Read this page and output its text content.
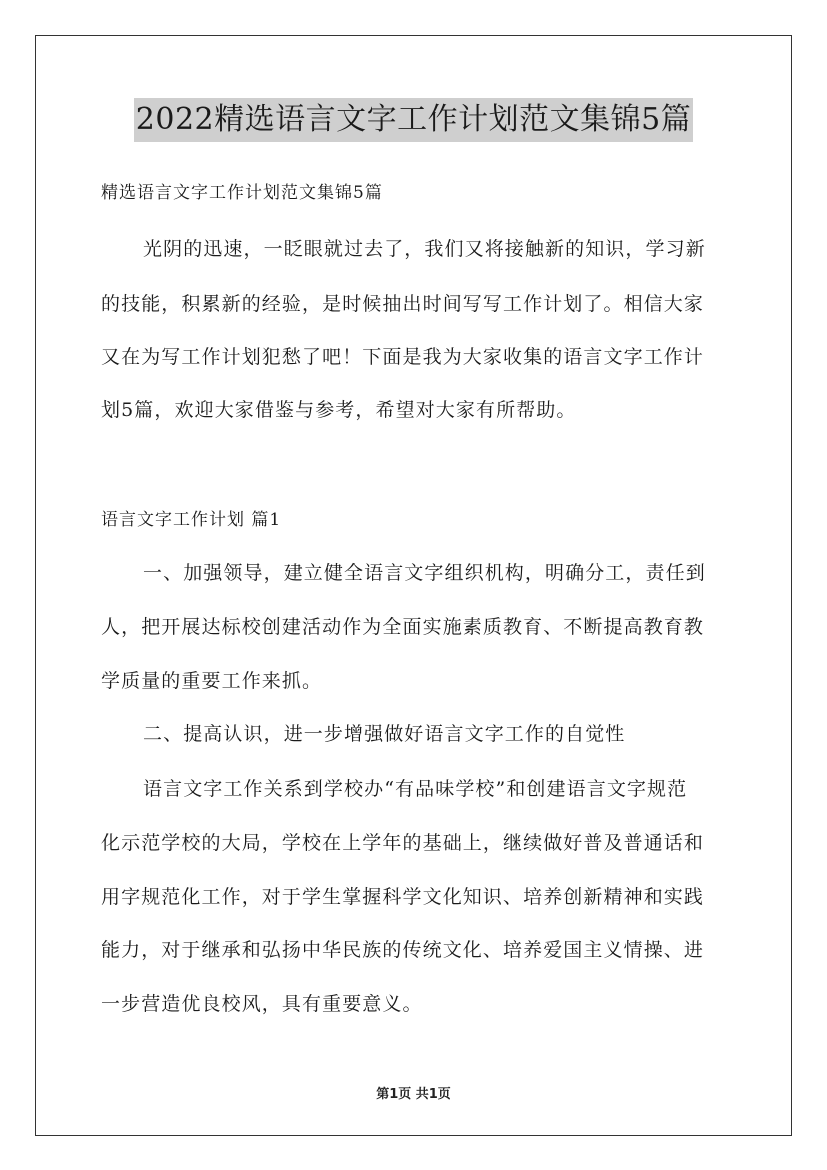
2022精选语言文字工作计划范文集锦5篇
精选语言文字工作计划范文集锦5篇
光阴的迅速，一眨眼就过去了，我们又将接触新的知识，学习新
的技能，积累新的经验，是时候抽出时间写写工作计划了。相信大家
又在为写工作计划犯愁了吧！下面是我为大家收集的语言文字工作计
划5篇，欢迎大家借鉴与参考，希望对大家有所帮助。
语言文字工作计划 篇1
一、加强领导，建立健全语言文字组织机构，明确分工，责任到
人，把开展达标校创建活动作为全面实施素质教育、不断提高教育教
学质量的重要工作来抓。
二、提高认识，进一步增强做好语言文字工作的自觉性
语言文字工作关系到学校办“有品味学校”和创建语言文字规范
化示范学校的大局，学校在上学年的基础上，继续做好普及普通话和
用字规范化工作，对于学生掌握科学文化知识、培养创新精神和实践
能力，对于继承和弘扬中华民族的传统文化、培养爱国主义情操、进
一步营造优良校风，具有重要意义。
第1页 共1页
